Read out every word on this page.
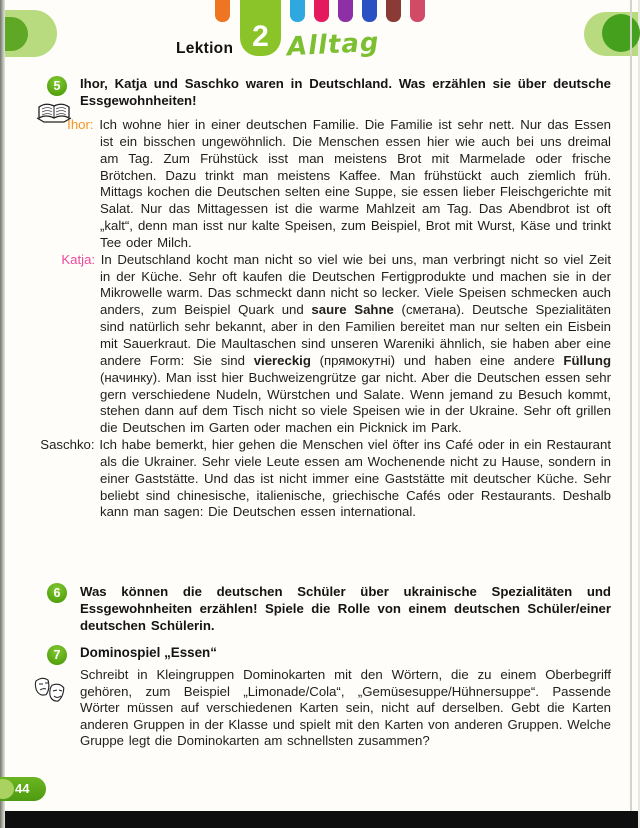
2
Lektion Alltag
5	Ihor, Katja und Saschko waren in Deutschland. Was erzählen sie über deutsche Essgewohnheiten!

Ihor: Ich wohne hier in einer deutschen Familie. Die Familie ist sehr nett. Nur das Essen ist ein bisschen ungewöhnlich. Die Menschen essen hier wie auch bei uns dreimal am Tag. Zum Frühstück isst man meistens Brot mit Marmelade oder frische Brötchen. Dazu trinkt man meistens Kaffee. Man frühstückt auch ziemlich früh. Mittags kochen die Deutschen selten eine Suppe, sie essen lieber Fleischgerichte mit Salat. Nur das Mittagessen ist die warme Mahlzeit am Tag. Das Abendbrot ist oft „kalt“, denn man isst nur kalte Speisen, zum Beispiel, Brot mit Wurst, Käse und trinkt Tee oder Milch.

Katja: In Deutschland kocht man nicht so viel wie bei uns, man verbringt nicht so viel Zeit in der Küche. Sehr oft kaufen die Deutschen Fertigprodukte und machen sie in der Mikrowelle warm. Das schmeckt dann nicht so lecker. Viele Speisen schmecken auch anders, zum Beispiel Quark und saure Sahne (сметана). Deutsche Spezialitäten sind natürlich sehr bekannt, aber in den Familien bereitet man nur selten ein Eisbein mit Sauerkraut. Die Maultaschen sind unseren Wareniki ähnlich, sie haben aber eine andere Form: Sie sind viereckig (прямокутні) und haben eine andere Füllung (начинку). Man isst hier Buchweizengrütze gar nicht. Aber die Deutschen essen sehr gern verschiedene Nudeln, Würstchen und Salate. Wenn jemand zu Besuch kommt, stehen dann auf dem Tisch nicht so viele Speisen wie in der Ukraine. Sehr oft grillen die Deutschen im Garten oder machen ein Picknick im Park.

Saschko: Ich habe bemerkt, hier gehen die Menschen viel öfter ins Café oder in ein Restaurant als die Ukrainer. Sehr viele Leute essen am Wochenende nicht zu Hause, sondern in einer Gaststätte. Und das ist nicht immer eine Gaststätte mit deutscher Küche. Sehr beliebt sind chinesische, italienische, griechische Cafés oder Restaurants. Deshalb kann man sagen: Die Deutschen essen international.

6	Was können die deutschen Schüler über ukrainische Spezialitäten und Essgewohnheiten erzählen! Spiele die Rolle von einem deutschen Schüler/einer deutschen Schülerin.
7	Dominospiel „Essen“
Schreibt in Kleingruppen Dominokarten mit den Wörtern, die zu einem Oberbegriff gehören, zum Beispiel „Limonade/Cola“, „Gemüsesuppe/Hühnersuppe“. Passende Wörter müssen auf verschiedenen Karten sein, nicht auf derselben. Gebt die Karten anderen Gruppen in der Klasse und spielt mit den Karten von anderen Gruppen. Welche Gruppe legt die Dominokarten am schnellsten zusammen?
44
